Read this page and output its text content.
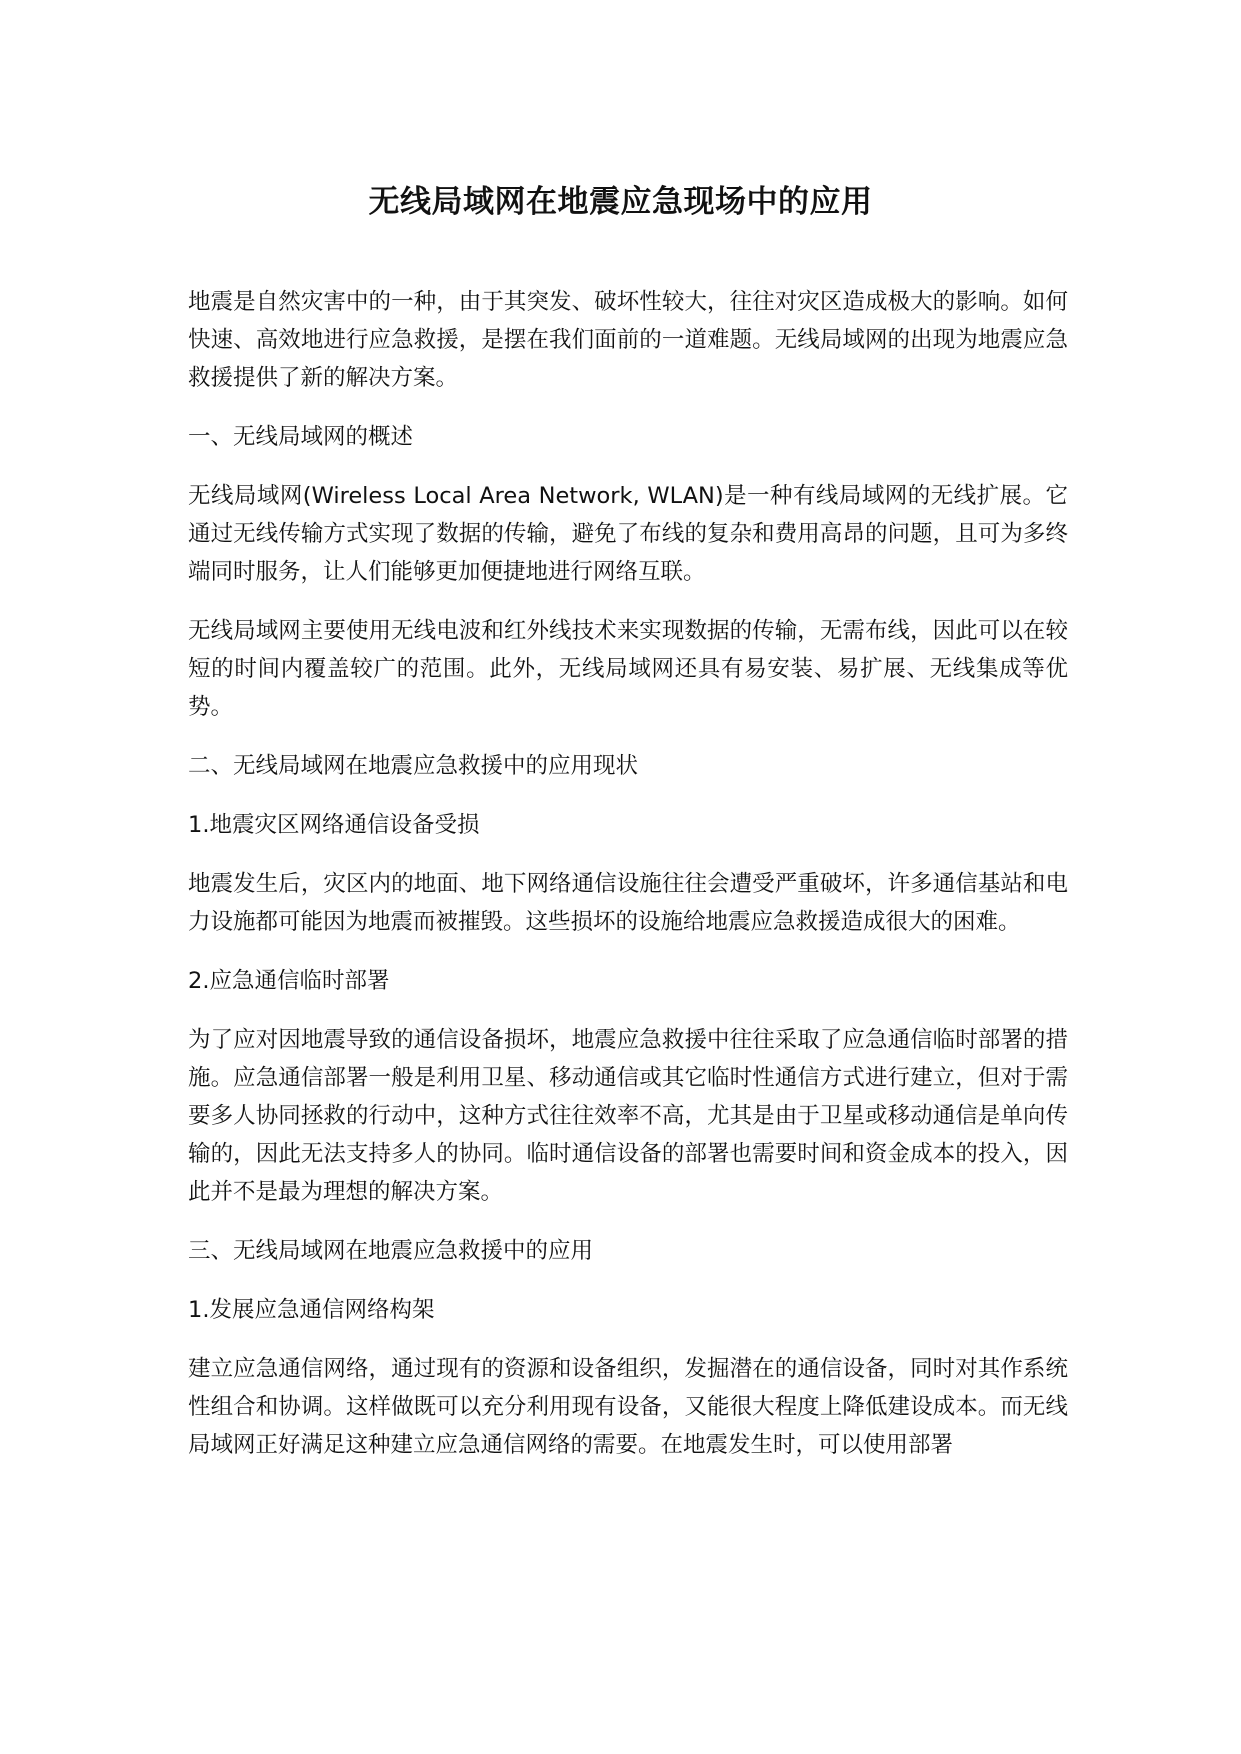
无线局域网在地震应急现场中的应用

地震是自然灾害中的一种，由于其突发、破坏性较大，往往对灾区造成极大的影响。如何快速、高效地进行应急救援，是摆在我们面前的一道难题。无线局域网的出现为地震应急救援提供了新的解决方案。

一、无线局域网的概述

无线局域网(Wireless Local Area Network, WLAN)是一种有线局域网的无线扩展。它通过无线传输方式实现了数据的传输，避免了布线的复杂和费用高昂的问题，且可为多终端同时服务，让人们能够更加便捷地进行网络互联。

无线局域网主要使用无线电波和红外线技术来实现数据的传输，无需布线，因此可以在较短的时间内覆盖较广的范围。此外，无线局域网还具有易安装、易扩展、无线集成等优势。

二、无线局域网在地震应急救援中的应用现状

1.地震灾区网络通信设备受损

地震发生后，灾区内的地面、地下网络通信设施往往会遭受严重破坏，许多通信基站和电力设施都可能因为地震而被摧毁。这些损坏的设施给地震应急救援造成很大的困难。

2.应急通信临时部署

为了应对因地震导致的通信设备损坏，地震应急救援中往往采取了应急通信临时部署的措施。应急通信部署一般是利用卫星、移动通信或其它临时性通信方式进行建立，但对于需要多人协同拯救的行动中，这种方式往往效率不高，尤其是由于卫星或移动通信是单向传输的，因此无法支持多人的协同。临时通信设备的部署也需要时间和资金成本的投入，因此并不是最为理想的解决方案。

三、无线局域网在地震应急救援中的应用

1.发展应急通信网络构架

建立应急通信网络，通过现有的资源和设备组织，发掘潜在的通信设备，同时对其作系统性组合和协调。这样做既可以充分利用现有设备，又能很大程度上降低建设成本。而无线局域网正好满足这种建立应急通信网络的需要。在地震发生时，可以使用部署
